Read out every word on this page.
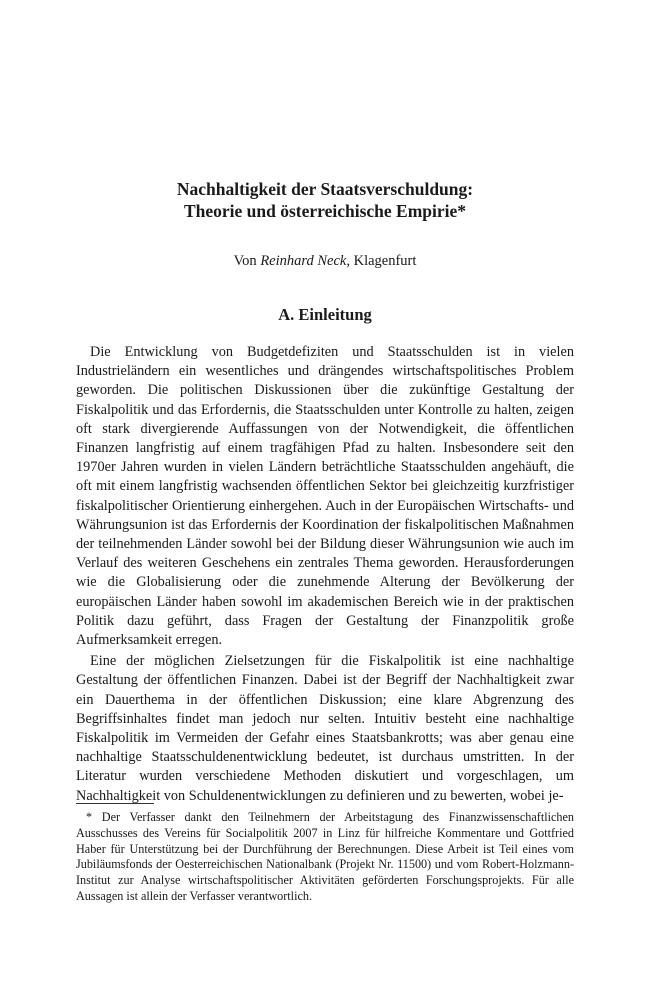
Nachhaltigkeit der Staatsverschuldung:
Theorie und österreichische Empirie*
Von Reinhard Neck, Klagenfurt
A. Einleitung

Die Entwicklung von Budgetdefiziten und Staatsschulden ist in vielen Industrieländern ein wesentliches und drängendes wirtschaftspolitisches Problem geworden. Die politischen Diskussionen über die zukünftige Gestaltung der Fiskalpolitik und das Erfordernis, die Staatsschulden unter Kontrolle zu halten, zeigen oft stark divergierende Auffassungen von der Notwendigkeit, die öffentlichen Finanzen langfristig auf einem tragfähigen Pfad zu halten. Insbesondere seit den 1970er Jahren wurden in vielen Ländern beträchtliche Staatsschulden angehäuft, die oft mit einem langfristig wachsenden öffentlichen Sektor bei gleichzeitig kurzfristiger fiskalpolitischer Orientierung einhergehen. Auch in der Europäischen Wirtschafts- und Währungsunion ist das Erfordernis der Koordination der fiskalpolitischen Maßnahmen der teilnehmenden Länder sowohl bei der Bildung dieser Währungsunion wie auch im Verlauf des weiteren Geschehens ein zentrales Thema geworden. Herausforderungen wie die Globalisierung oder die zunehmende Alterung der Bevölkerung der europäischen Länder haben sowohl im akademischen Bereich wie in der praktischen Politik dazu geführt, dass Fragen der Gestaltung der Finanzpolitik große Aufmerksamkeit erregen.

Eine der möglichen Zielsetzungen für die Fiskalpolitik ist eine nachhaltige Gestaltung der öffentlichen Finanzen. Dabei ist der Begriff der Nachhaltigkeit zwar ein Dauerthema in der öffentlichen Diskussion; eine klare Abgrenzung des Begriffsinhaltes findet man jedoch nur selten. Intuitiv besteht eine nachhaltige Fiskalpolitik im Vermeiden der Gefahr eines Staatsbankrotts; was aber genau eine nachhaltige Staatsschuldenentwicklung bedeutet, ist durchaus umstritten. In der Literatur wurden verschiedene Methoden diskutiert und vorgeschlagen, um Nachhaltigkeit von Schuldenentwicklungen zu definieren und zu bewerten, wobei je-

* Der Verfasser dankt den Teilnehmern der Arbeitstagung des Finanzwissenschaftlichen Ausschusses des Vereins für Socialpolitik 2007 in Linz für hilfreiche Kommentare und Gottfried Haber für Unterstützung bei der Durchführung der Berechnungen. Diese Arbeit ist Teil eines vom Jubiläumsfonds der Oesterreichischen Nationalbank (Projekt Nr. 11500) und vom Robert-Holzmann-Institut zur Analyse wirtschaftspolitischer Aktivitäten geförderten Forschungsprojekts. Für alle Aussagen ist allein der Verfasser verantwortlich.
